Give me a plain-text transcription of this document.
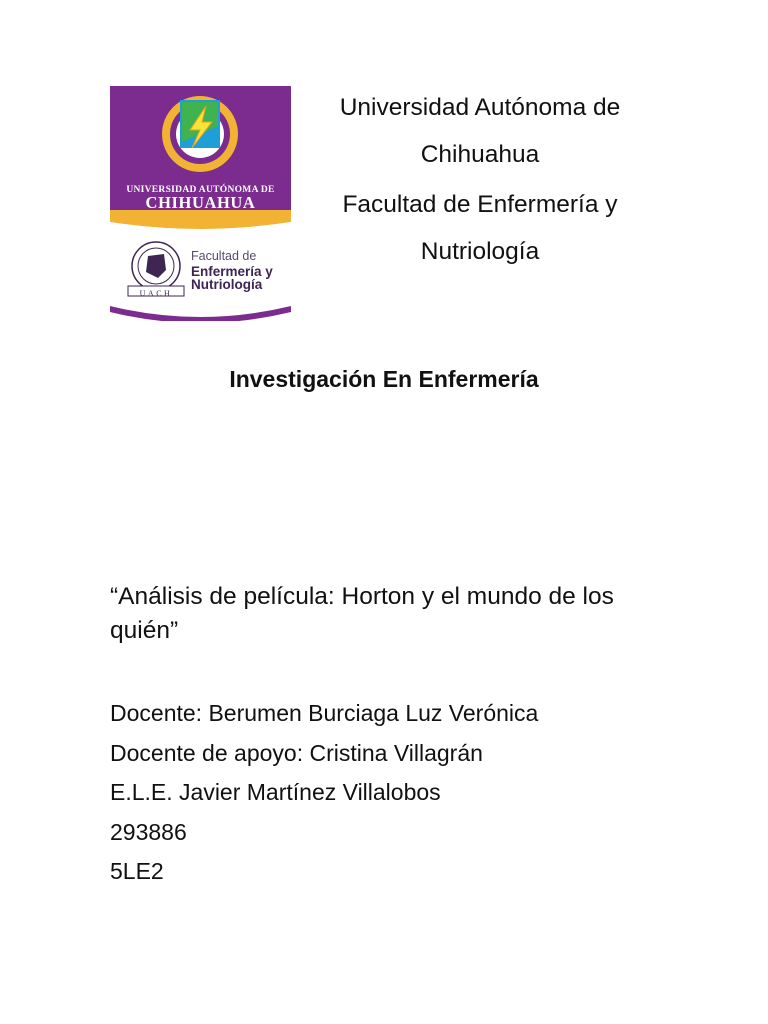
UNIVERSIDAD AUTÓNOMA DE
CHIHUAHUA
Facultad de
Enfermería y
Nutriología
UACH
Universidad Autónoma de Chihuahua
Facultad de Enfermería y Nutriología
Investigación En Enfermería
“Análisis de película: Horton y el mundo de los quién”
Docente: Berumen Burciaga Luz Verónica
Docente de apoyo: Cristina Villagrán
E.L.E. Javier Martínez Villalobos
293886
5LE2
